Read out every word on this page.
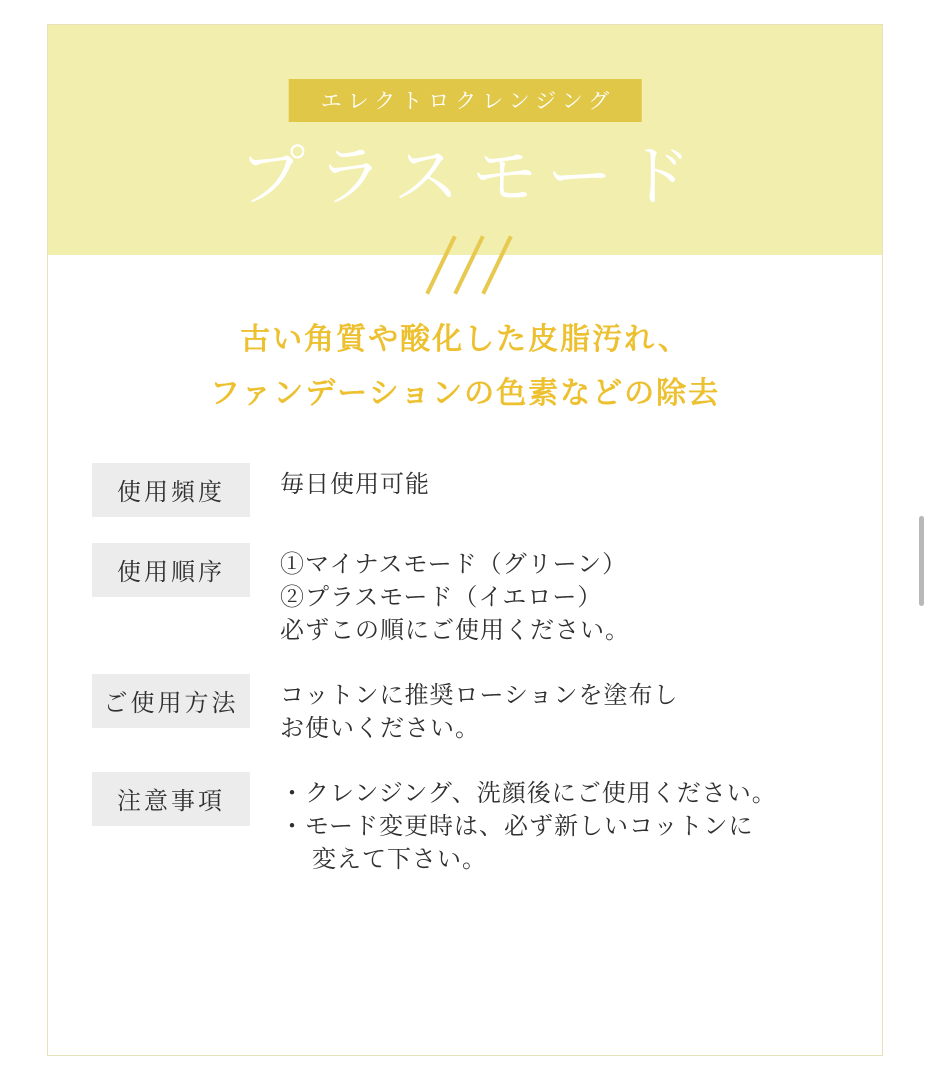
エレクトロクレンジング
プラスモード
古い角質や酸化した皮脂汚れ、
ファンデーションの色素などの除去
使用頻度	毎日使用可能
使用順序	①マイナスモード（グリーン）
②プラスモード（イエロー）
必ずこの順にご使用ください。
ご使用方法	コットンに推奨ローションを塗布し
お使いください。
注意事項	・クレンジング、洗顔後にご使用ください。
・モード変更時は、必ず新しいコットンに
　 変えて下さい。
